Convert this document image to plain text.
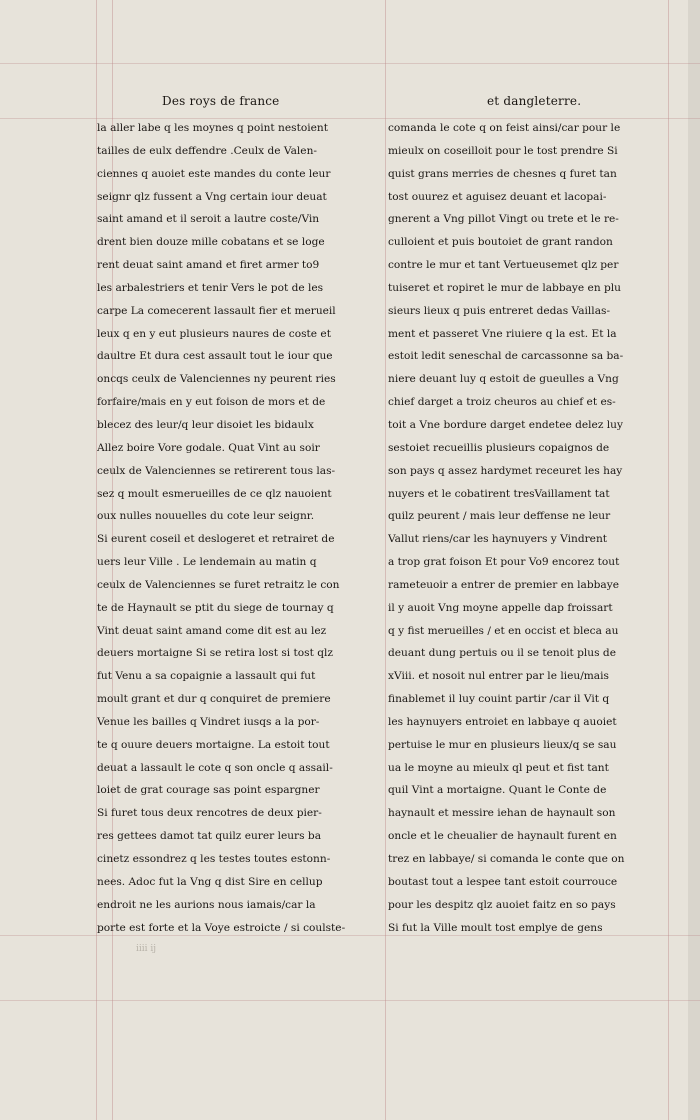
Des roys de france	et dangleterre.
la aller labe q les moynes q point nestoient
tailles de eulx deffendre .Ceulx de Valen-
ciennes q auoiet este mandes du conte leur
seignr qlz fussent a Vng certain iour deuat
saint amand et il seroit a lautre coste/Vin
drent bien douze mille cobatans et se loge
rent deuat saint amand et firet armer to9
les arbalestriers et tenir Vers le pot de les
carpe La comecerent lassault fier et merueil
leux q en y eut plusieurs naures de coste et
daultre Et dura cest assault tout le iour que
oncqs ceulx de Valenciennes ny peurent ries
forfaire/mais en y eut foison de mors et de
blecez des leur/q leur disoiet les bidaulx
Allez boire Vore godale. Quat Vint au soir
ceulx de Valenciennes se retirerent tous las-
sez q moult esmerueilles de ce qlz nauoient
oux nulles nouuelles du cote leur seignr.
Si eurent coseil et deslogeret et retrairet de
uers leur Ville . Le lendemain au matin q
ceulx de Valenciennes se furet retraitz le con
te de Haynault se ptit du siege de tournay q
Vint deuat saint amand come dit est au lez
deuers mortaigne Si se retira lost si tost qlz
fut Venu a sa copaignie a lassault qui fut
moult grant et dur q conquiret de premiere
Venue les bailles q Vindret iusqs a la por-
te q ouure deuers mortaigne. La estoit tout
deuat a lassault le cote q son oncle q assail-
loiet de grat courage sas point espargner
Si furet tous deux rencotres de deux pier-
res gettees damot tat quilz eurer leurs ba
cinetz essondrez q les testes toutes estonn-
nees. Adoc fut la Vng q dist Sire en cellup
endroit ne les aurions nous iamais/car la
porte est forte et la Voye estroicte / si coulste-
comanda le cote q on feist ainsi/car pour le
mieulx on coseilloit pour le tost prendre Si
quist grans merries de chesnes q furet tan
tost ouurez et aguisez deuant et lacopai-
gnerent a Vng pillot Vingt ou trete et le re-
culloient et puis boutoiet de grant randon
contre le mur et tant Vertueusemet qlz per
tuiseret et ropiret le mur de labbaye en plu
sieurs lieux q puis entreret dedas Vaillas-
ment et passeret Vne riuiere q la est. Et la
estoit ledit seneschal de carcassonne sa ba-
niere deuant luy q estoit de gueulles a Vng
chief darget a troiz cheuros au chief et es-
toit a Vne bordure darget endetee delez luy
sestoiet recueillis plusieurs copaignos de
son pays q assez hardymet receuret les hay
nuyers et le cobatirent tresVaillament tat
quilz peurent / mais leur deffense ne leur
Vallut riens/car les haynuyers y Vindrent
a trop grat foison Et pour Vo9 encorez tout
rameteuoir a entrer de premier en labbaye
il y auoit Vng moyne appelle dap froissart
q y fist merueilles / et en occist et bleca au
deuant dung pertuis ou il se tenoit plus de
xViii. et nosoit nul entrer par le lieu/mais
finablemet il luy couint partir /car il Vit q
les haynuyers entroiet en labbaye q auoiet
pertuise le mur en plusieurs lieux/q se sau
ua le moyne au mieulx ql peut et fist tant
quil Vint a mortaigne. Quant le Conte de
haynault et messire iehan de haynault son
oncle et le cheualier de haynault furent en
trez en labbaye/ si comanda le conte que on
boutast tout a lespee tant estoit courrouce
pour les despitz qlz auoiet faitz en so pays
Si fut la Ville moult tost emplye de gens
iiii ij
